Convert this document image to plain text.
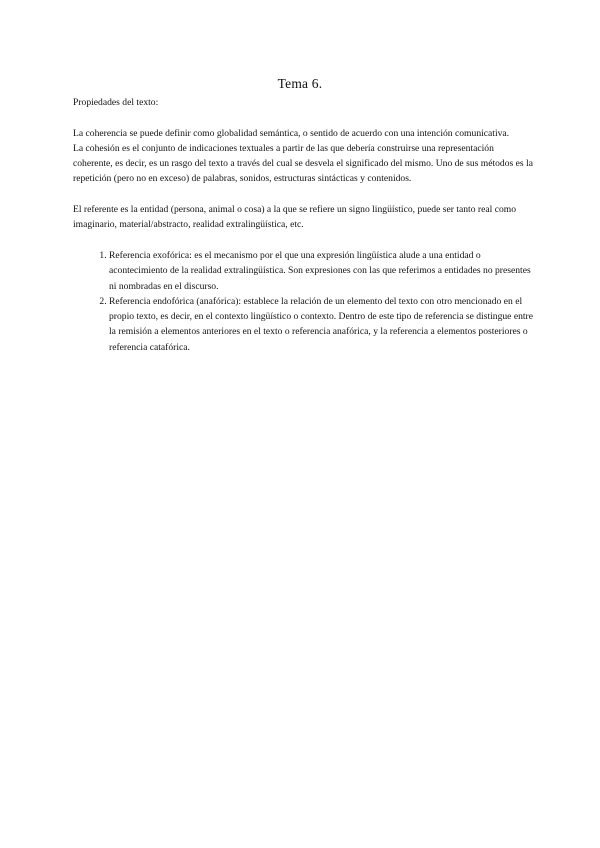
Tema 6.

Propiedades del texto:

La coherencia se puede definir como globalidad semántica, o sentido de acuerdo con una intención comunicativa.

La cohesión es el conjunto de indicaciones textuales a partir de las que debería construirse una representación coherente, es decir, es un rasgo del texto a través del cual se desvela el significado del mismo. Uno de sus métodos es la repetición (pero no en exceso) de palabras, sonidos, estructuras sintácticas y contenidos.

El referente es la entidad (persona, animal o cosa) a la que se refiere un signo lingüístico, puede ser tanto real como imaginario, material/abstracto, realidad extralingüística, etc.

1. Referencia exofórica: es el mecanismo por el que una expresión lingüística alude a una entidad o acontecimiento de la realidad extralingüística. Son expresiones con las que referimos a entidades no presentes ni nombradas en el discurso.
2. Referencia endofórica (anafórica): establece la relación de un elemento del texto con otro mencionado en el propio texto, es decir, en el contexto lingüístico o contexto. Dentro de este tipo de referencia se distingue entre la remisión a elementos anteriores en el texto o referencia anafórica, y la referencia a elementos posteriores o referencia catafórica.
